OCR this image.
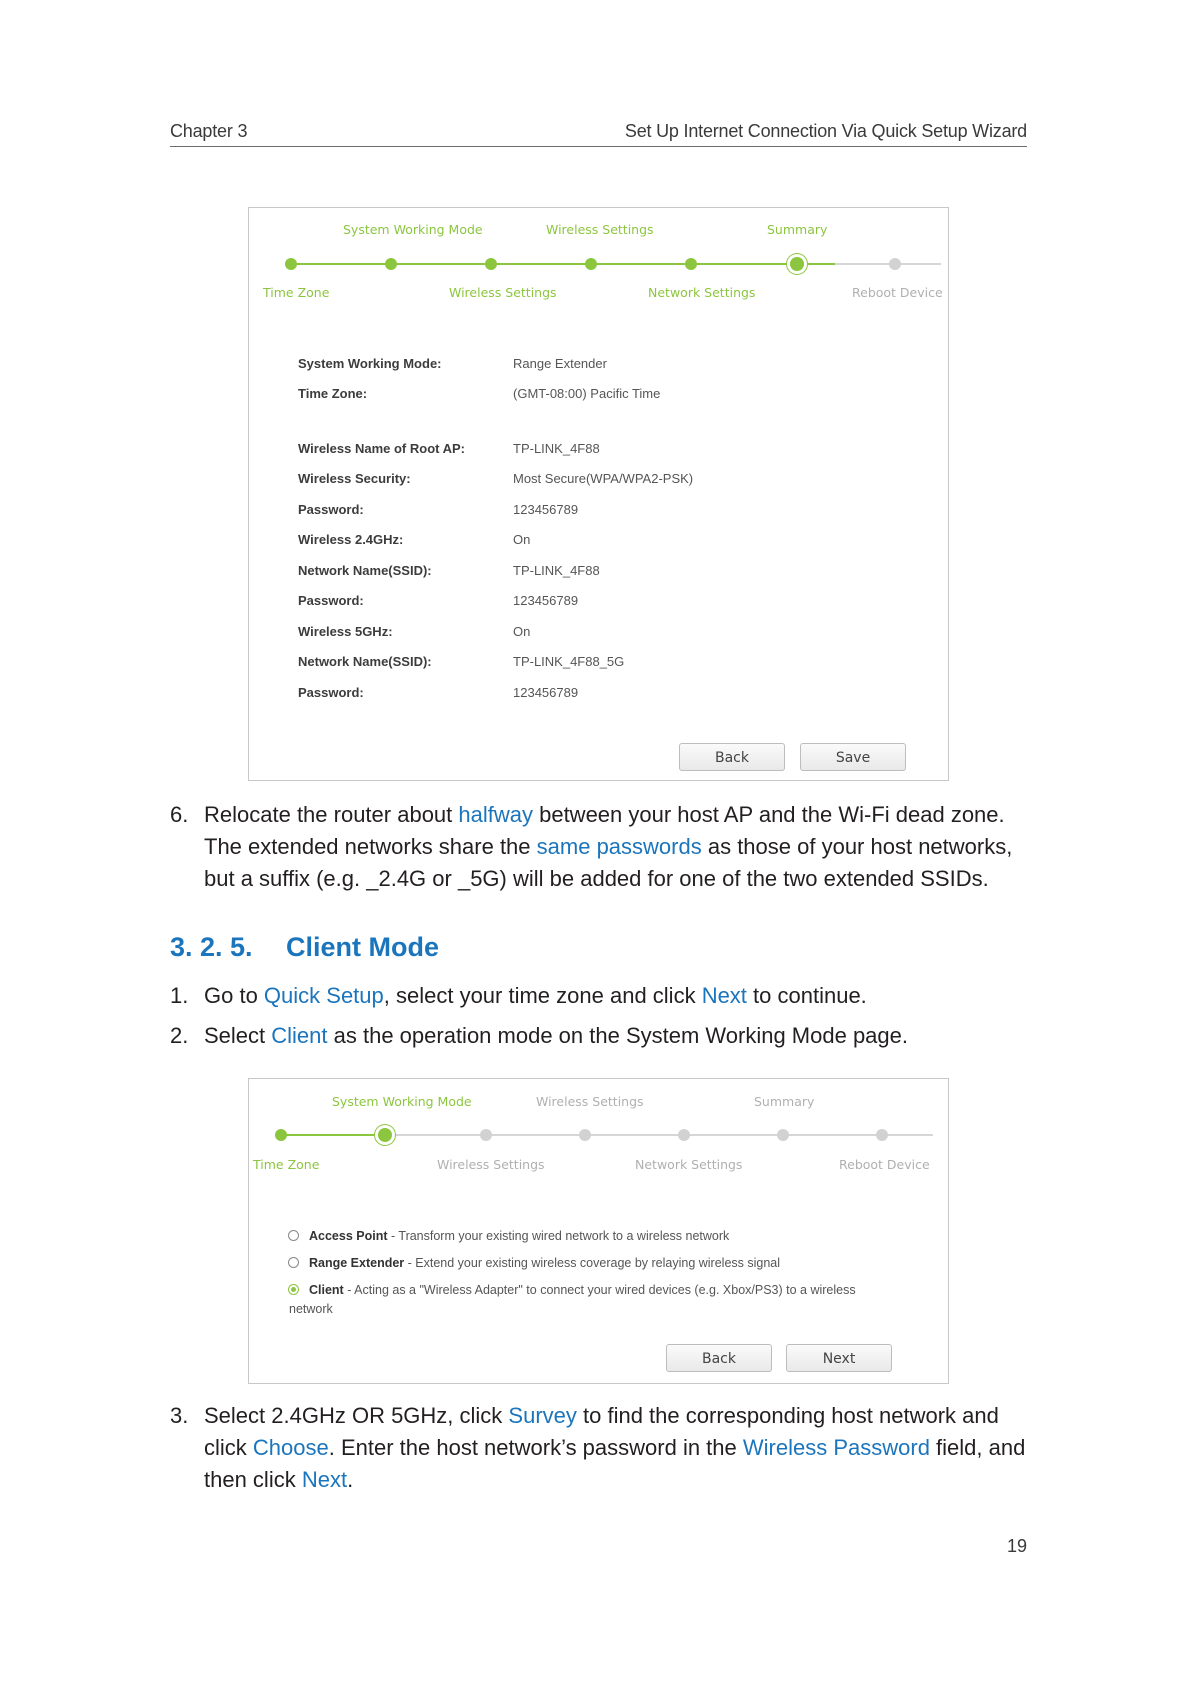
Chapter 3	Set Up Internet Connection Via Quick Setup Wizard
System Working Mode	Wireless Settings	Summary
Time Zone	Wireless Settings	Network Settings	Reboot Device
Back	Save
System Working Mode:	Range Extender
Time Zone:	(GMT-08:00) Pacific Time
Wireless Name of Root AP:	TP-LINK_4F88
Wireless Security:	Most Secure(WPA/WPA2-PSK)
Password:	123456789
Wireless 2.4GHz:	On
Network Name(SSID):	TP-LINK_4F88
Password:	123456789
Wireless 5GHz:	On
Network Name(SSID):	TP-LINK_4F88_5G
Password:	123456789
6. Relocate the router about halfway between your host AP and the Wi-Fi dead zone.
The extended networks share the same passwords as those of your host networks,
but a suffix (e.g. _2.4G or _5G) will be added for one of the two extended SSIDs.
3. 2. 5. Client Mode
1. Go to Quick Setup, select your time zone and click Next to continue.
2. Select Client as the operation mode on the System Working Mode page.
System Working Mode	Wireless Settings	Summary
Time Zone	Wireless Settings	Network Settings	Reboot Device
Back	Next
Access Point - Transform your existing wired network to a wireless network
Range Extender - Extend your existing wireless coverage by relaying wireless signal
Client - Acting as a "Wireless Adapter" to connect your wired devices (e.g. Xbox/PS3) to a wireless
network
3. Select 2.4GHz OR 5GHz, click Survey to find the corresponding host network and
click Choose. Enter the host network’s password in the Wireless Password field, and
then click Next.
19
